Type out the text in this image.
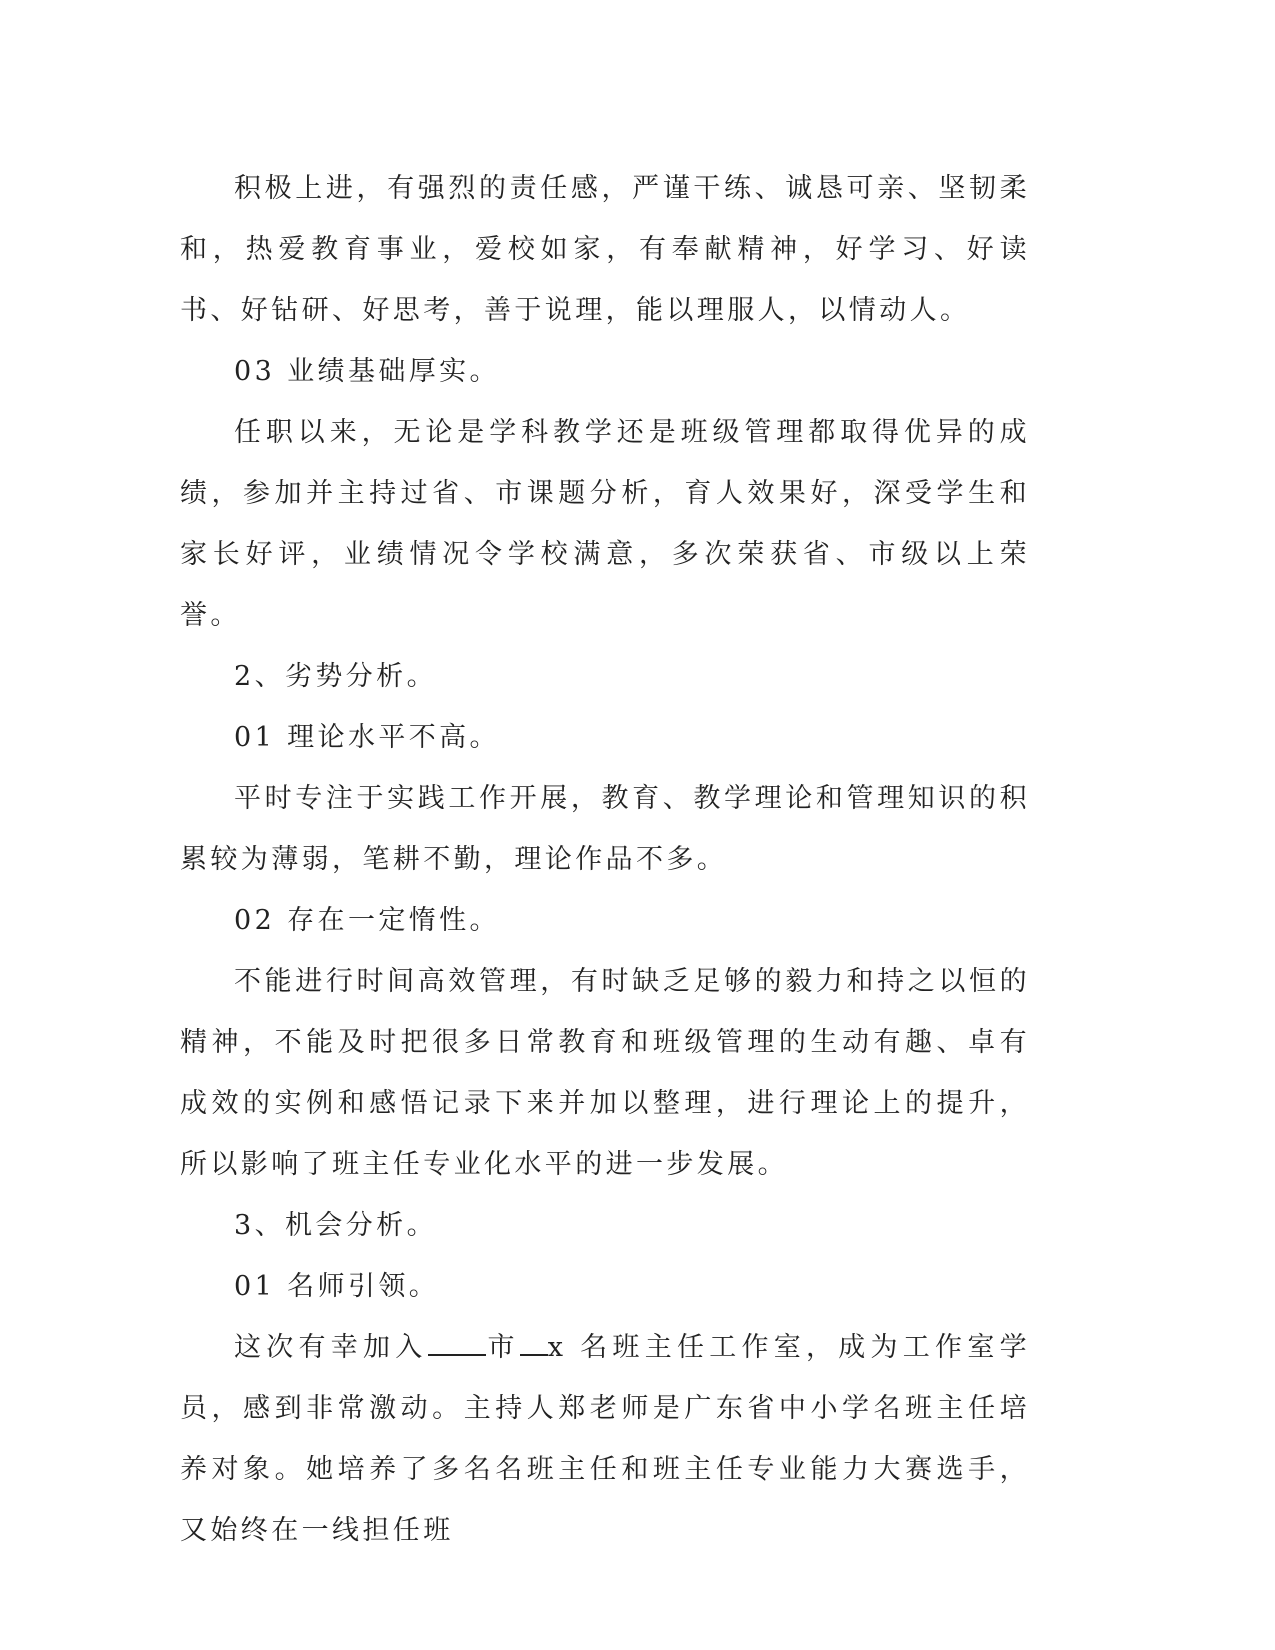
积极上进，有强烈的责任感，严谨干练、诚恳可亲、坚韧柔和，热爱教育事业，爱校如家，有奉献精神，好学习、好读书、好钻研、好思考，善于说理，能以理服人，以情动人。

03 业绩基础厚实。

任职以来，无论是学科教学还是班级管理都取得优异的成绩，参加并主持过省、市课题分析，育人效果好，深受学生和家长好评，业绩情况令学校满意，多次荣获省、市级以上荣誉。

2、劣势分析。

01 理论水平不高。

平时专注于实践工作开展，教育、教学理论和管理知识的积累较为薄弱，笔耕不勤，理论作品不多。

02 存在一定惰性。

不能进行时间高效管理，有时缺乏足够的毅力和持之以恒的精神，不能及时把很多日常教育和班级管理的生动有趣、卓有成效的实例和感悟记录下来并加以整理，进行理论上的提升，所以影响了班主任专业化水平的进一步发展。

3、机会分析。

01 名师引领。

这次有幸加入 市 x 名班主任工作室，成为工作室学员，感到非常激动。主持人郑老师是广东省中小学名班主任培养对象。她培养了多名名班主任和班主任专业能力大赛选手，又始终在一线担任班
